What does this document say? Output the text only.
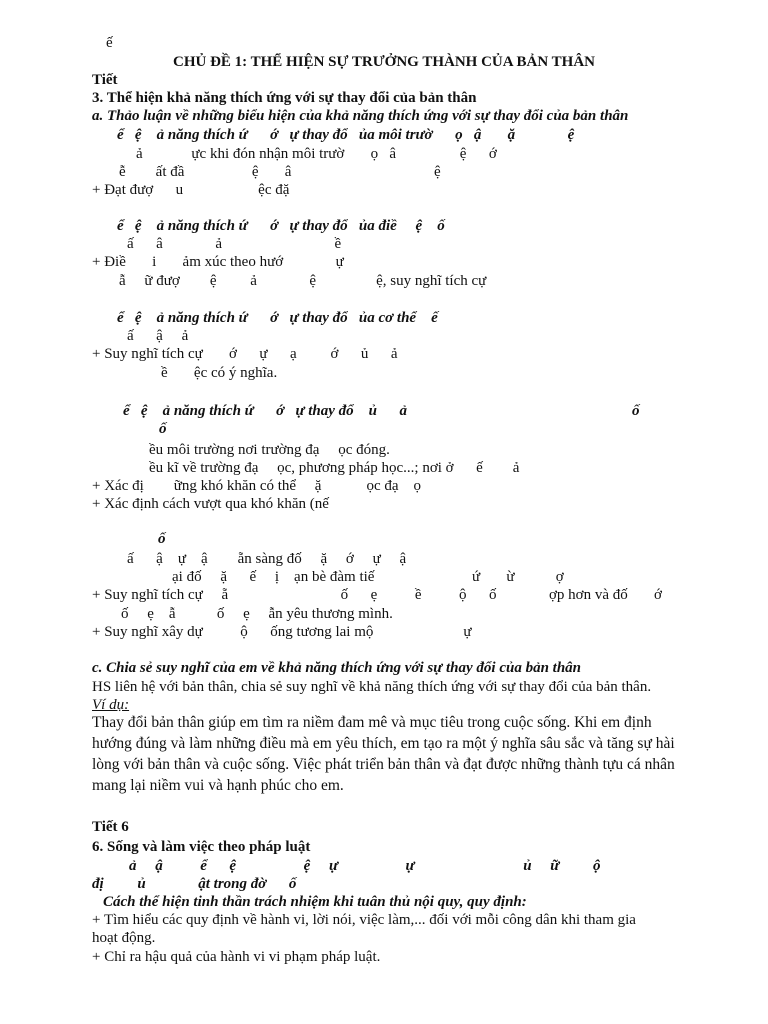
ế

CHỦ ĐỀ 1: THỂ HIỆN SỰ TRƯỞNG THÀNH CỦA BẢN THÂN

Tiết

3. Thể hiện khả năng thích ứng với sự thay đổi của bản thân

a. Thảo luận về những biểu hiện của khả năng thích ứng với sự thay đổi của bản thân

ể   ệ    ả năng thích ứ      ớ   ự thay đổ   ủa môi trườ      ọ   ậ       ặ              ệ

ả             ực khi đón nhận môi trườ       ọ   â                 ệ      ớ

ễ        ất đầ                  ệ       â                                      ệ

+ Đạt đượ      u                    ệc đặ

ể   ệ    ả năng thích ứ      ớ   ự thay đổ   ủa điề     ệ    ố

ấ      â              ả                              ề

+ Điề       i       ảm xúc theo hướ              ự

ẫ     ữ đượ        ệ         ả              ệ                ệ, suy nghĩ tích cự

ể   ệ    ả năng thích ứ      ớ   ự thay đổ   ủa cơ thể    ế

ấ      ậ     ả

+ Suy nghĩ tích cự       ớ      ự      ạ         ớ      ủ      ả

ề       ệc có ý nghĩa.

ể   ệ    ả năng thích ứ      ớ   ự thay đổ    ủ      ả	ố

ố

ều môi trường nơi trường đạ     ọc đóng.

ều kĩ về trường đạ     ọc, phương pháp học...; nơi ở      ế        ả

+ Xác đị        ững khó khăn có thể     ặ            ọc đạ    ọ

+ Xác định cách vượt qua khó khăn (nế

ố

ấ      ậ    ự    ậ        ẵn sàng đố     ặ     ớ     ự     ậ

ại đố     ặ      ế     ị    ạn bè đàm tiế                          ứ       ừ           ợ

+ Suy nghĩ tích cự     ẵ                              ố      ẹ          ề          ộ      ố              ợp hơn và đố       ớ

ố     ẹ    ẫ           ố     ẹ     ẫn yêu thương mình.

+ Suy nghĩ xây dự          ộ      ống tương lai mộ                        ự

c. Chia sẻ suy nghĩ của em về khả năng thích ứng với sự thay đổi của bản thân

HS liên hệ với bản thân, chia sẻ suy nghĩ về khả năng thích ứng với sự thay đổi của bản thân.

Ví dụ:

Thay đổi bản thân giúp em tìm ra niềm đam mê và mục tiêu trong cuộc sống. Khi em định

hướng đúng và làm những điều mà em yêu thích, em tạo ra một ý nghĩa sâu sắc và tăng sự hài

lòng với bản thân và cuộc sống. Việc phát triển bản thân và đạt được những thành tựu cá nhân

mang lại niềm vui và hạnh phúc cho em.

Tiết 6

6. Sống và làm việc theo pháp luật

ả     ậ          ể      ệ                  ệ     ự                  ự                             ủ     ữ         ộ

đị         ủ              ật trong đờ      ố

Cách thể hiện tinh thần trách nhiệm khi tuân thủ nội quy, quy định:

+ Tìm hiểu các quy định về hành vi, lời nói, việc làm,... đối với mỗi công dân khi tham gia

hoạt động.

+ Chỉ ra hậu quả của hành vi vi phạm pháp luật.
